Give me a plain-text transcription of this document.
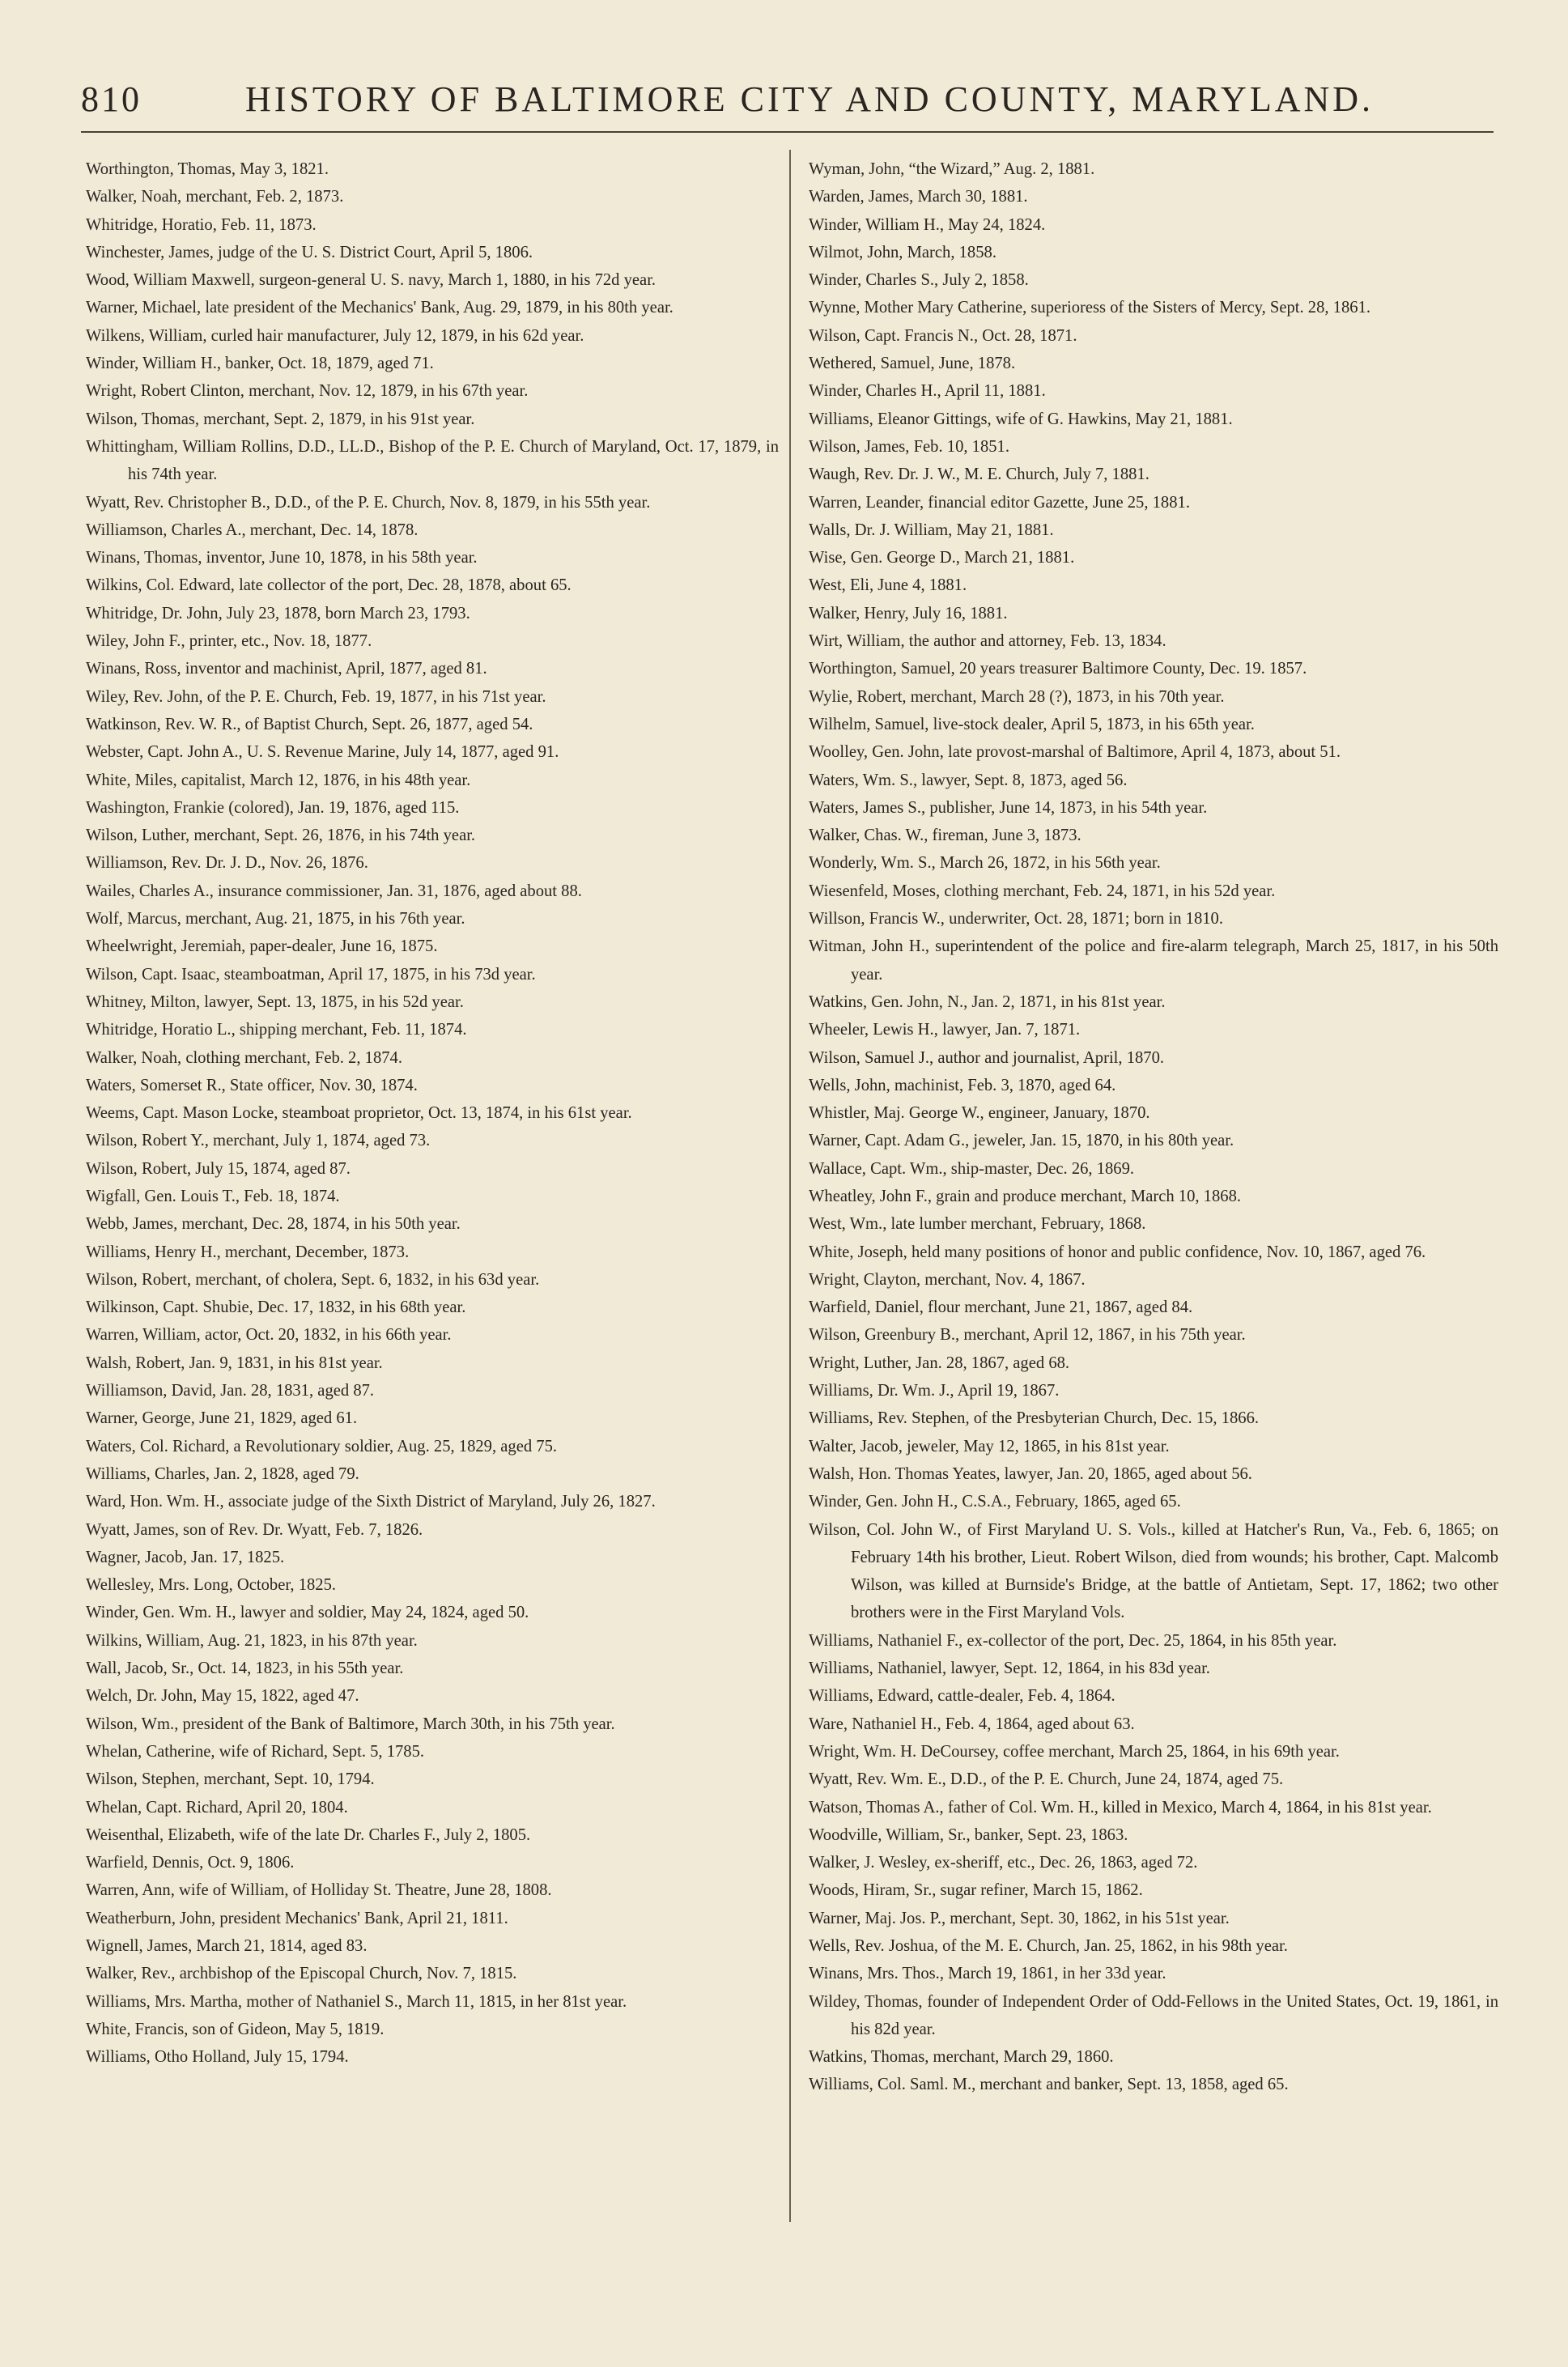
810	HISTORY OF BALTIMORE CITY AND COUNTY, MARYLAND.

Worthington, Thomas, May 3, 1821.

Walker, Noah, merchant, Feb. 2, 1873.

Whitridge, Horatio, Feb. 11, 1873.

Winchester, James, judge of the U. S. District Court, April 5, 1806.

Wood, William Maxwell, surgeon-general U. S. navy, March 1, 1880, in his 72d year.

Warner, Michael, late president of the Mechanics' Bank, Aug. 29, 1879, in his 80th year.

Wilkens, William, curled hair manufacturer, July 12, 1879, in his 62d year.

Winder, William H., banker, Oct. 18, 1879, aged 71.

Wright, Robert Clinton, merchant, Nov. 12, 1879, in his 67th year.

Wilson, Thomas, merchant, Sept. 2, 1879, in his 91st year.

Whittingham, William Rollins, D.D., LL.D., Bishop of the P. E. Church of Maryland, Oct. 17, 1879, in his 74th year.

Wyatt, Rev. Christopher B., D.D., of the P. E. Church, Nov. 8, 1879, in his 55th year.

Williamson, Charles A., merchant, Dec. 14, 1878.

Winans, Thomas, inventor, June 10, 1878, in his 58th year.

Wilkins, Col. Edward, late collector of the port, Dec. 28, 1878, about 65.

Whitridge, Dr. John, July 23, 1878, born March 23, 1793.

Wiley, John F., printer, etc., Nov. 18, 1877.

Winans, Ross, inventor and machinist, April, 1877, aged 81.

Wiley, Rev. John, of the P. E. Church, Feb. 19, 1877, in his 71st year.

Watkinson, Rev. W. R., of Baptist Church, Sept. 26, 1877, aged 54.

Webster, Capt. John A., U. S. Revenue Marine, July 14, 1877, aged 91.

White, Miles, capitalist, March 12, 1876, in his 48th year.

Washington, Frankie (colored), Jan. 19, 1876, aged 115.

Wilson, Luther, merchant, Sept. 26, 1876, in his 74th year.

Williamson, Rev. Dr. J. D., Nov. 26, 1876.

Wailes, Charles A., insurance commissioner, Jan. 31, 1876, aged about 88.

Wolf, Marcus, merchant, Aug. 21, 1875, in his 76th year.

Wheelwright, Jeremiah, paper-dealer, June 16, 1875.

Wilson, Capt. Isaac, steamboatman, April 17, 1875, in his 73d year.

Whitney, Milton, lawyer, Sept. 13, 1875, in his 52d year.

Whitridge, Horatio L., shipping merchant, Feb. 11, 1874.

Walker, Noah, clothing merchant, Feb. 2, 1874.

Waters, Somerset R., State officer, Nov. 30, 1874.

Weems, Capt. Mason Locke, steamboat proprietor, Oct. 13, 1874, in his 61st year.

Wilson, Robert Y., merchant, July 1, 1874, aged 73.

Wilson, Robert, July 15, 1874, aged 87.

Wigfall, Gen. Louis T., Feb. 18, 1874.

Webb, James, merchant, Dec. 28, 1874, in his 50th year.

Williams, Henry H., merchant, December, 1873.

Wilson, Robert, merchant, of cholera, Sept. 6, 1832, in his 63d year.

Wilkinson, Capt. Shubie, Dec. 17, 1832, in his 68th year.

Warren, William, actor, Oct. 20, 1832, in his 66th year.

Walsh, Robert, Jan. 9, 1831, in his 81st year.

Williamson, David, Jan. 28, 1831, aged 87.

Warner, George, June 21, 1829, aged 61.

Waters, Col. Richard, a Revolutionary soldier, Aug. 25, 1829, aged 75.

Williams, Charles, Jan. 2, 1828, aged 79.

Ward, Hon. Wm. H., associate judge of the Sixth District of Maryland, July 26, 1827.

Wyatt, James, son of Rev. Dr. Wyatt, Feb. 7, 1826.

Wagner, Jacob, Jan. 17, 1825.

Wellesley, Mrs. Long, October, 1825.

Winder, Gen. Wm. H., lawyer and soldier, May 24, 1824, aged 50.

Wilkins, William, Aug. 21, 1823, in his 87th year.

Wall, Jacob, Sr., Oct. 14, 1823, in his 55th year.

Welch, Dr. John, May 15, 1822, aged 47.

Wilson, Wm., president of the Bank of Baltimore, March 30th, in his 75th year.

Whelan, Catherine, wife of Richard, Sept. 5, 1785.

Wilson, Stephen, merchant, Sept. 10, 1794.

Whelan, Capt. Richard, April 20, 1804.

Weisenthal, Elizabeth, wife of the late Dr. Charles F., July 2, 1805.

Warfield, Dennis, Oct. 9, 1806.

Warren, Ann, wife of William, of Holliday St. Theatre, June 28, 1808.

Weatherburn, John, president Mechanics' Bank, April 21, 1811.

Wignell, James, March 21, 1814, aged 83.

Walker, Rev., archbishop of the Episcopal Church, Nov. 7, 1815.

Williams, Mrs. Martha, mother of Nathaniel S., March 11, 1815, in her 81st year.

White, Francis, son of Gideon, May 5, 1819.

Williams, Otho Holland, July 15, 1794.

Wyman, John, “the Wizard,” Aug. 2, 1881.

Warden, James, March 30, 1881.

Winder, William H., May 24, 1824.

Wilmot, John, March, 1858.

Winder, Charles S., July 2, 1858.

Wynne, Mother Mary Catherine, superioress of the Sisters of Mercy, Sept. 28, 1861.

Wilson, Capt. Francis N., Oct. 28, 1871.

Wethered, Samuel, June, 1878.

Winder, Charles H., April 11, 1881.

Williams, Eleanor Gittings, wife of G. Hawkins, May 21, 1881.

Wilson, James, Feb. 10, 1851.

Waugh, Rev. Dr. J. W., M. E. Church, July 7, 1881.

Warren, Leander, financial editor Gazette, June 25, 1881.

Walls, Dr. J. William, May 21, 1881.

Wise, Gen. George D., March 21, 1881.

West, Eli, June 4, 1881.

Walker, Henry, July 16, 1881.

Wirt, William, the author and attorney, Feb. 13, 1834.

Worthington, Samuel, 20 years treasurer Baltimore County, Dec. 19. 1857.

Wylie, Robert, merchant, March 28 (?), 1873, in his 70th year.

Wilhelm, Samuel, live-stock dealer, April 5, 1873, in his 65th year.

Woolley, Gen. John, late provost-marshal of Baltimore, April 4, 1873, about 51.

Waters, Wm. S., lawyer, Sept. 8, 1873, aged 56.

Waters, James S., publisher, June 14, 1873, in his 54th year.

Walker, Chas. W., fireman, June 3, 1873.

Wonderly, Wm. S., March 26, 1872, in his 56th year.

Wiesenfeld, Moses, clothing merchant, Feb. 24, 1871, in his 52d year.

Willson, Francis W., underwriter, Oct. 28, 1871; born in 1810.

Witman, John H., superintendent of the police and fire-alarm telegraph, March 25, 1817, in his 50th year.

Watkins, Gen. John, N., Jan. 2, 1871, in his 81st year.

Wheeler, Lewis H., lawyer, Jan. 7, 1871.

Wilson, Samuel J., author and journalist, April, 1870.

Wells, John, machinist, Feb. 3, 1870, aged 64.

Whistler, Maj. George W., engineer, January, 1870.

Warner, Capt. Adam G., jeweler, Jan. 15, 1870, in his 80th year.

Wallace, Capt. Wm., ship-master, Dec. 26, 1869.

Wheatley, John F., grain and produce merchant, March 10, 1868.

West, Wm., late lumber merchant, February, 1868.

White, Joseph, held many positions of honor and public confidence, Nov. 10, 1867, aged 76.

Wright, Clayton, merchant, Nov. 4, 1867.

Warfield, Daniel, flour merchant, June 21, 1867, aged 84.

Wilson, Greenbury B., merchant, April 12, 1867, in his 75th year.

Wright, Luther, Jan. 28, 1867, aged 68.

Williams, Dr. Wm. J., April 19, 1867.

Williams, Rev. Stephen, of the Presbyterian Church, Dec. 15, 1866.

Walter, Jacob, jeweler, May 12, 1865, in his 81st year.

Walsh, Hon. Thomas Yeates, lawyer, Jan. 20, 1865, aged about 56.

Winder, Gen. John H., C.S.A., February, 1865, aged 65.

Wilson, Col. John W., of First Maryland U. S. Vols., killed at Hatcher's Run, Va., Feb. 6, 1865; on February 14th his brother, Lieut. Robert Wilson, died from wounds; his brother, Capt. Malcomb Wilson, was killed at Burnside's Bridge, at the battle of Antietam, Sept. 17, 1862; two other brothers were in the First Maryland Vols.

Williams, Nathaniel F., ex-collector of the port, Dec. 25, 1864, in his 85th year.

Williams, Nathaniel, lawyer, Sept. 12, 1864, in his 83d year.

Williams, Edward, cattle-dealer, Feb. 4, 1864.

Ware, Nathaniel H., Feb. 4, 1864, aged about 63.

Wright, Wm. H. DeCoursey, coffee merchant, March 25, 1864, in his 69th year.

Wyatt, Rev. Wm. E., D.D., of the P. E. Church, June 24, 1874, aged 75.

Watson, Thomas A., father of Col. Wm. H., killed in Mexico, March 4, 1864, in his 81st year.

Woodville, William, Sr., banker, Sept. 23, 1863.

Walker, J. Wesley, ex-sheriff, etc., Dec. 26, 1863, aged 72.

Woods, Hiram, Sr., sugar refiner, March 15, 1862.

Warner, Maj. Jos. P., merchant, Sept. 30, 1862, in his 51st year.

Wells, Rev. Joshua, of the M. E. Church, Jan. 25, 1862, in his 98th year.

Winans, Mrs. Thos., March 19, 1861, in her 33d year.

Wildey, Thomas, founder of Independent Order of Odd-Fellows in the United States, Oct. 19, 1861, in his 82d year.

Watkins, Thomas, merchant, March 29, 1860.

Williams, Col. Saml. M., merchant and banker, Sept. 13, 1858, aged 65.
